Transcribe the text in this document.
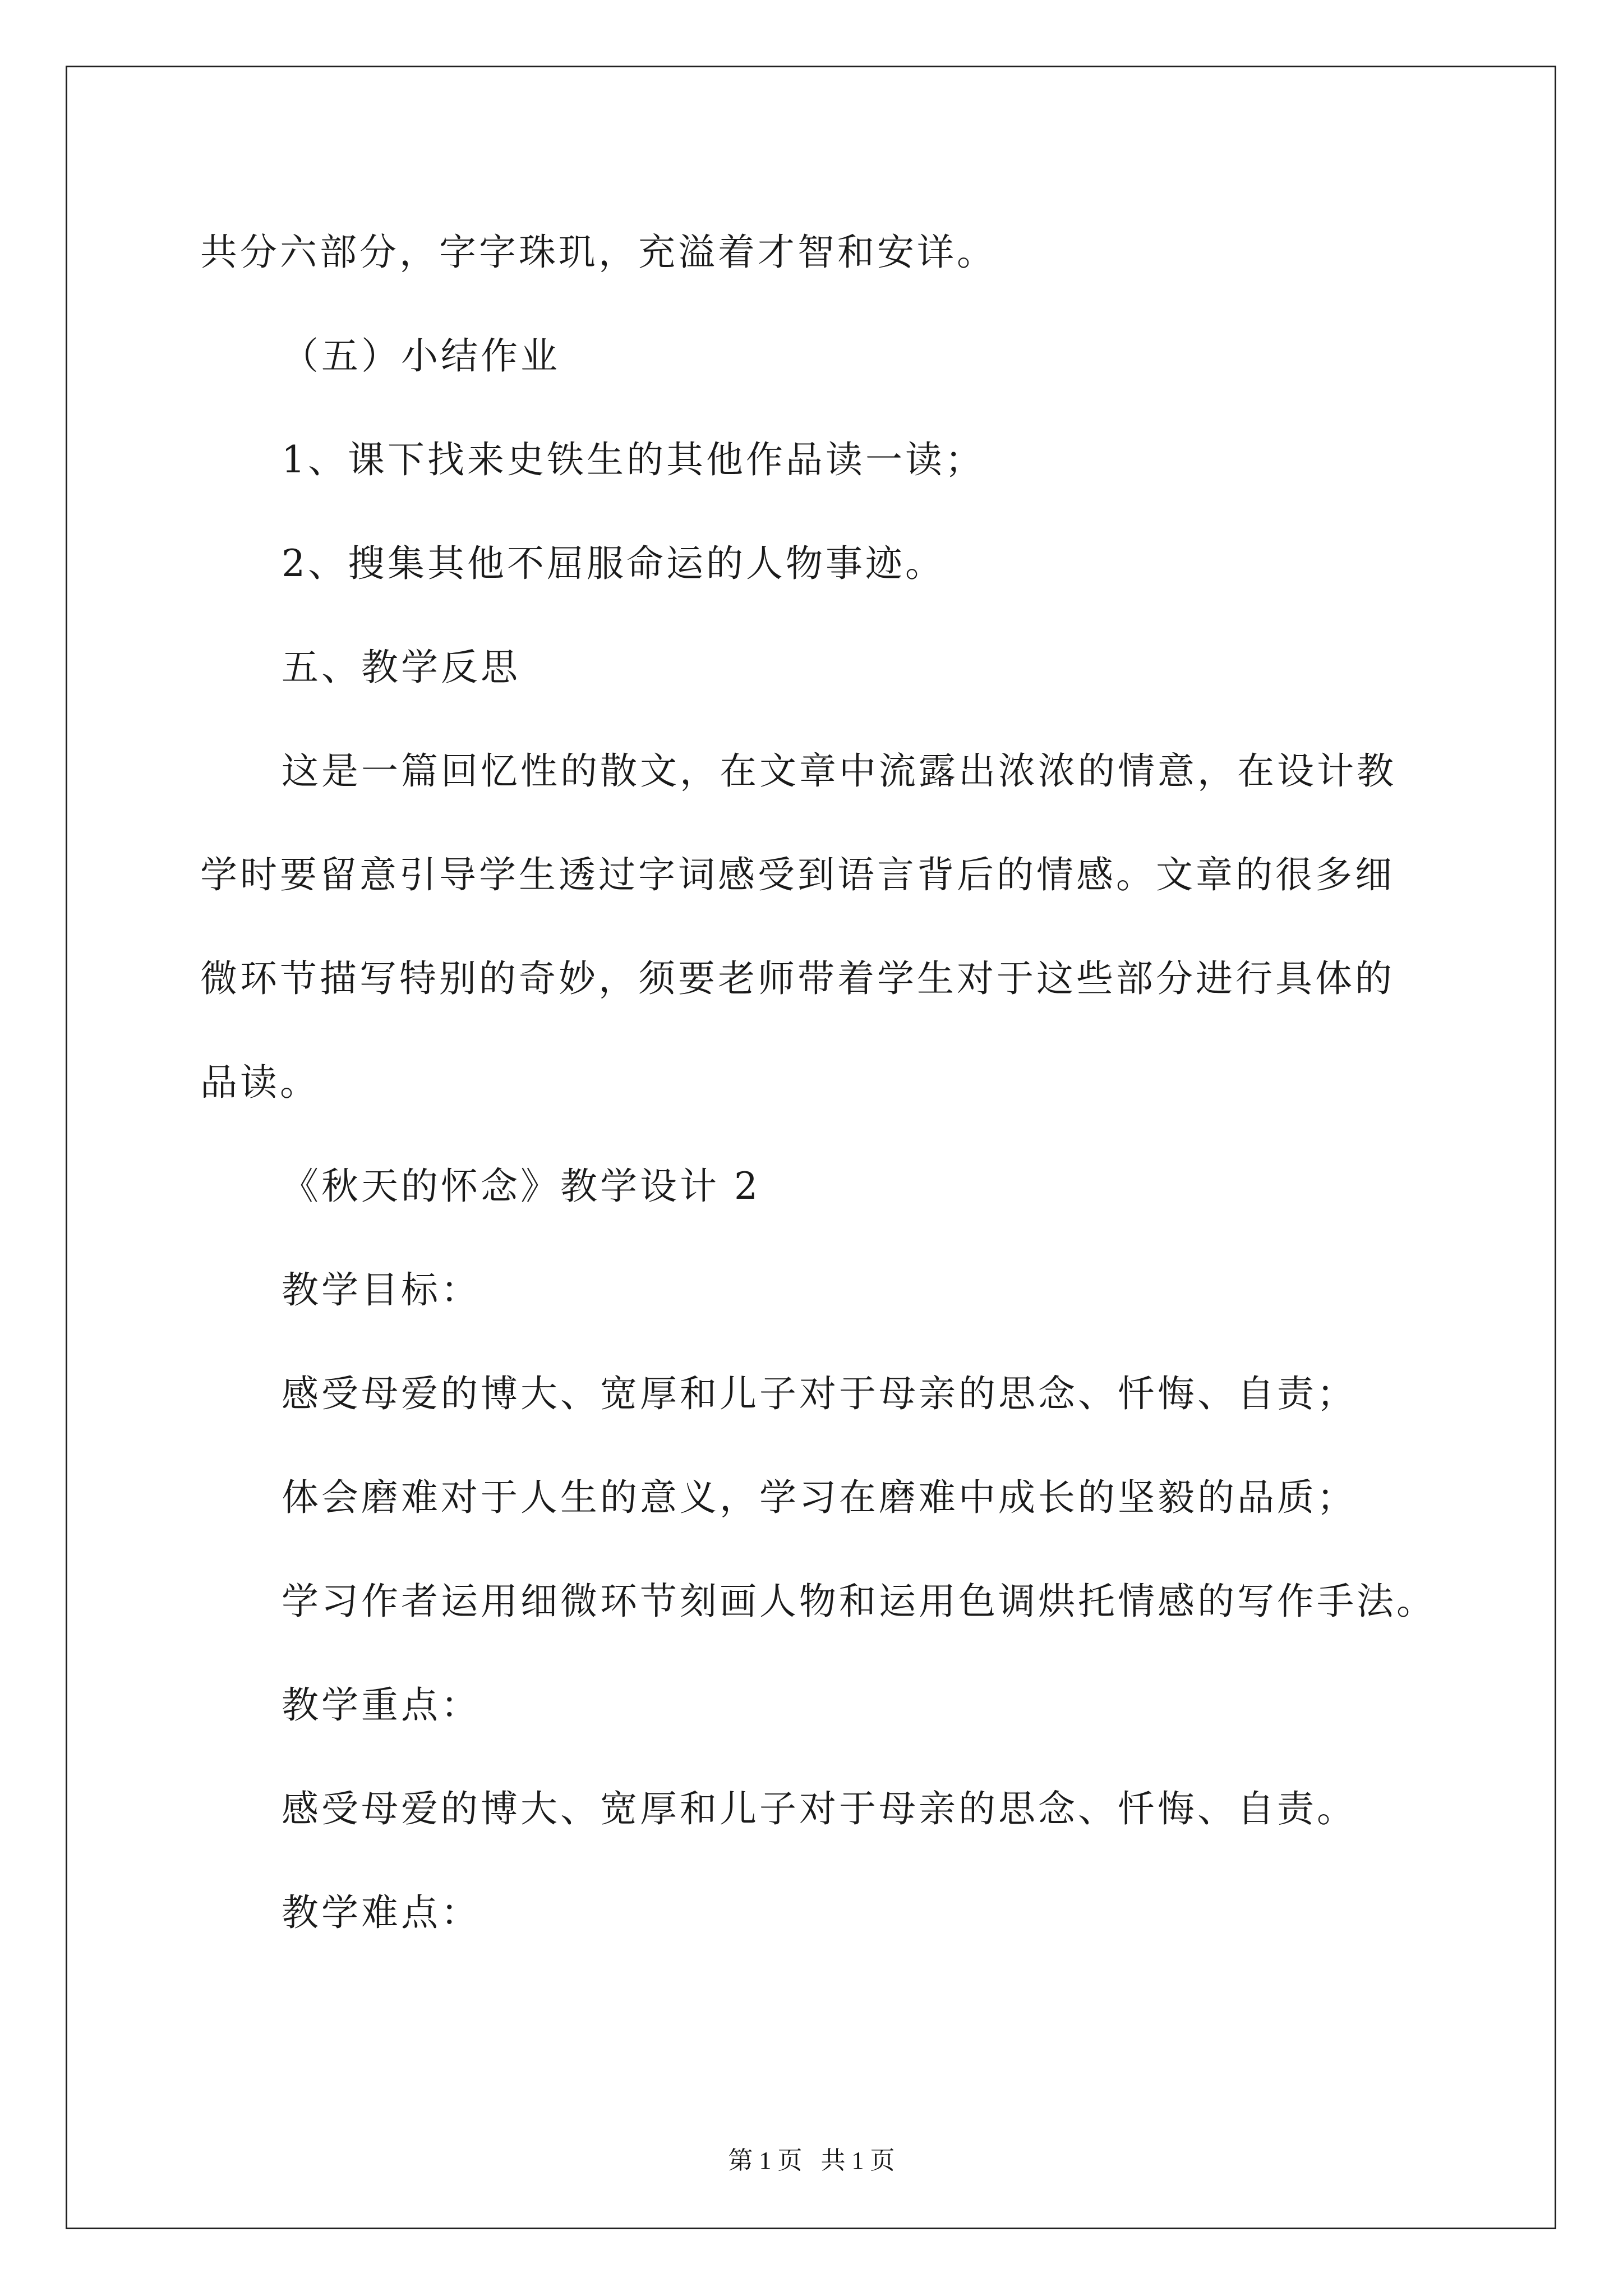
共分六部分，字字珠玑，充溢着才智和安详。
（五）小结作业
1、课下找来史铁生的其他作品读一读；
2、搜集其他不屈服命运的人物事迹。
五、教学反思
这是一篇回忆性的散文，在文章中流露出浓浓的情意，在设计教
学时要留意引导学生透过字词感受到语言背后的情感。文章的很多细
微环节描写特别的奇妙，须要老师带着学生对于这些部分进行具体的
品读。
《秋天的怀念》教学设计 2
教学目标：
感受母爱的博大、宽厚和儿子对于母亲的思念、忏悔、自责；
体会磨难对于人生的意义，学习在磨难中成长的坚毅的品质；
学习作者运用细微环节刻画人物和运用色调烘托情感的写作手法。
教学重点：
感受母爱的博大、宽厚和儿子对于母亲的思念、忏悔、自责。
教学难点：
第 1 页   共 1 页
